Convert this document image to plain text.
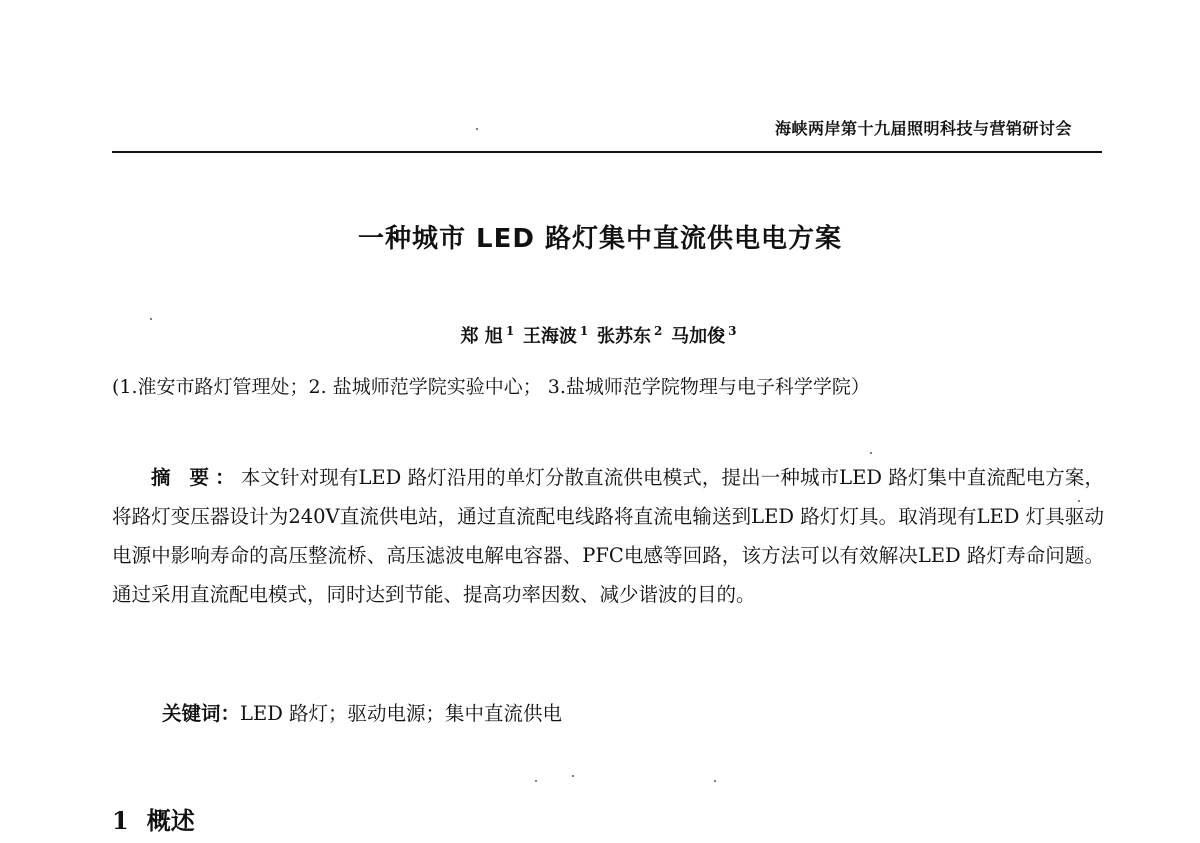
海峡两岸第十九届照明科技与营销研讨会
一种城市 LED 路灯集中直流供电电方案
郑 旭 $^1$ 王海波 $^1$ 张苏东 $^2$ 马加俊 $^3$
(1.淮安市路灯管理处；2. 盐城师范学院实验中心； 3.盐城师范学院物理与电子科学学院）
摘 要：本文针对现有LED 路灯沿用的单灯分散直流供电模式，提出一种城市LED 路灯集中直流配电方案，将路灯变压器设计为240V直流供电站，通过直流配电线路将直流电输送到LED 路灯灯具。取消现有LED 灯具驱动电源中影响寿命的高压整流桥、高压滤波电解电容器、PFC电感等回路，该方法可以有效解决LED 路灯寿命问题。通过采用直流配电模式，同时达到节能、提高功率因数、减少谐波的目的。
关键词：LED 路灯；驱动电源；集中直流供电
1 概述
